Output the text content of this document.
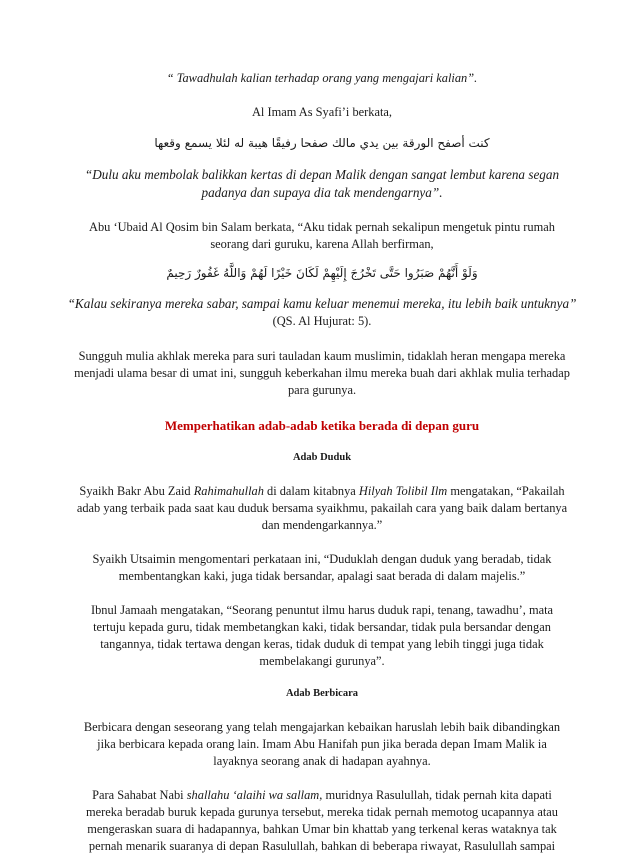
“ Tawadhulah kalian terhadap orang yang mengajari kalian”.

Al Imam As Syafi’i berkata,

كنت أصفح الورقة بين يدي مالك صفحا رفيقًا هيبة له لئلا يسمع وقعها

“Dulu aku membolak balikkan kertas di depan Malik dengan sangat lembut karena segan padanya dan supaya dia tak mendengarnya”.

Abu ‘Ubaid Al Qosim bin Salam berkata, “Aku tidak pernah sekalipun mengetuk pintu rumah seorang dari guruku, karena Allah berfirman,

وَلَوْ أَنَّهُمْ صَبَرُوا حَتَّى تَخْرُجَ إِلَيْهِمْ لَكَانَ خَيْرًا لَهُمْ وَاللَّهُ غَفُورٌ رَحِيمٌ

“Kalau sekiranya mereka sabar, sampai kamu keluar menemui mereka, itu lebih baik untuknya”

(QS. Al Hujurat: 5).

Sungguh mulia akhlak mereka para suri tauladan kaum muslimin, tidaklah heran mengapa mereka menjadi ulama besar di umat ini, sungguh keberkahan ilmu mereka buah dari akhlak mulia terhadap para gurunya.

Memperhatikan adab-adab ketika berada di depan guru

Adab Duduk

Syaikh Bakr Abu Zaid Rahimahullah di dalam kitabnya Hilyah Tolibil Ilm mengatakan, “Pakailah adab yang terbaik pada saat kau duduk bersama syaikhmu, pakailah cara yang baik dalam bertanya dan mendengarkannya.”

Syaikh Utsaimin mengomentari perkataan ini, “Duduklah dengan duduk yang beradab, tidak membentangkan kaki, juga tidak bersandar, apalagi saat berada di dalam majelis.”

Ibnul Jamaah mengatakan, “Seorang penuntut ilmu harus duduk rapi, tenang, tawadhu’, mata tertuju kepada guru, tidak membetangkan kaki, tidak bersandar, tidak pula bersandar dengan tangannya, tidak tertawa dengan keras, tidak duduk di tempat yang lebih tinggi juga tidak membelakangi gurunya”.

Adab Berbicara

Berbicara dengan seseorang yang telah mengajarkan kebaikan haruslah lebih baik dibandingkan jika berbicara kepada orang lain. Imam Abu Hanifah pun jika berada depan Imam Malik ia layaknya seorang anak di hadapan ayahnya.

Para Sahabat Nabi shallahu ‘alaihi wa sallam, muridnya Rasulullah, tidak pernah kita dapati mereka beradab buruk kepada gurunya tersebut, mereka tidak pernah memotog ucapannya atau mengeraskan suara di hadapannya, bahkan Umar bin khattab yang terkenal keras wataknya tak pernah menarik suaranya di depan Rasulullah, bahkan di beberapa riwayat, Rasulullah sampai
